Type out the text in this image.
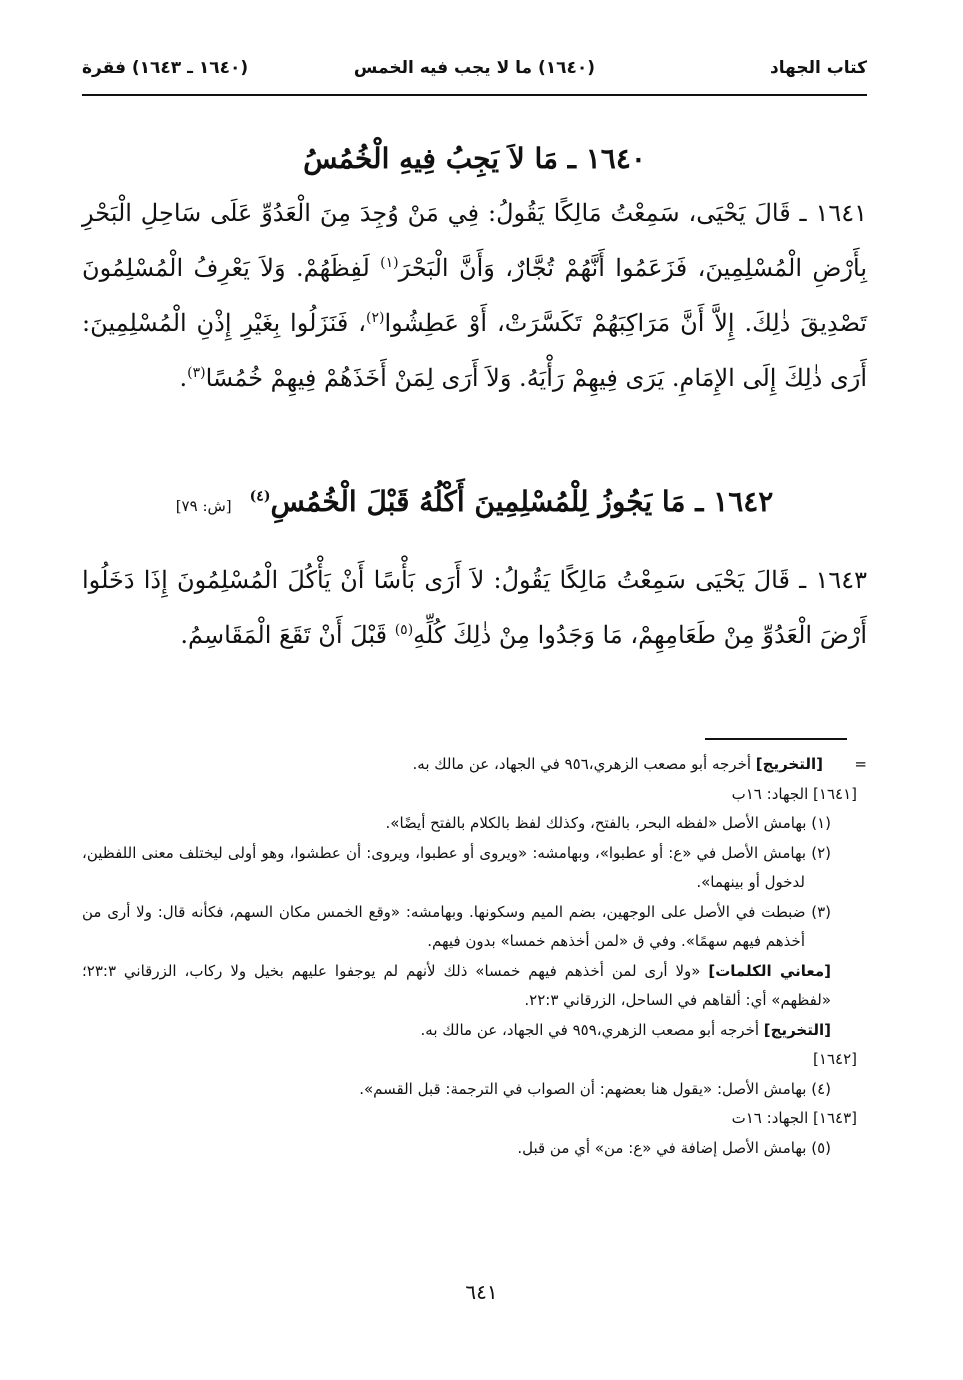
كتاب الجهاد
(١٦٤٠) ما لا يجب فيه الخمس
(١٦٤٠ ـ ١٦٤٣) فقرة
١٦٤٠ ـ مَا لاَ يَجِبُ فِيهِ الْخُمُسُ
١٦٤١ ـ قَالَ يَحْيَى، سَمِعْتُ مَالِكًا يَقُولُ: فِي مَنْ وُجِدَ مِنَ الْعَدُوِّ عَلَى سَاحِلِ الْبَحْرِ بِأَرْضِ الْمُسْلِمِينَ، فَزَعَمُوا أَنَّهُمْ تُجَّارٌ، وَأَنَّ الْبَحْرَ$^{(١)}$ لَفِظَهُمْ. وَلاَ يَعْرِفُ الْمُسْلِمُونَ تَصْدِيقَ ذٰلِكَ. إِلاَّ أَنَّ مَرَاكِبَهُمْ تَكَسَّرَتْ، أَوْ عَطِشُوا$^{(٢)}$، فَنَزَلُوا بِغَيْرِ إِذْنِ الْمُسْلِمِينَ: أَرَى ذٰلِكَ إِلَى الإِمَامِ. يَرَى فِيهِمْ رَأْيَهُ. وَلاَ أَرَى لِمَنْ أَخَذَهُمْ فِيهِمْ خُمُسًا$^{(٣)}$.
١٦٤٢ ـ مَا يَجُوزُ لِلْمُسْلِمِينَ أَكْلُهُ قَبْلَ الْخُمُسِ$^{(٤)}$[ش: ٧٩]
١٦٤٣ ـ قَالَ يَحْيَى سَمِعْتُ مَالِكًا يَقُولُ: لاَ أَرَى بَأْسًا أَنْ يَأْكُلَ الْمُسْلِمُونَ إِذَا دَخَلُوا أَرْضَ الْعَدُوِّ مِنْ طَعَامِهِمْ، مَا وَجَدُوا مِنْ ذٰلِكَ كُلِّهِ$^{(٥)}$ قَبْلَ أَنْ تَقَعَ الْمَقَاسِمُ.

=
[التخريج] أخرجه أبو مصعب الزهري،٩٥٦ في الجهاد، عن مالك به.

[١٦٤١] الجهاد: ١٦ب

(١) بهامش الأصل «لفظه البحر، بالفتح، وكذلك لفظ بالكلام بالفتح أيضًا».

(٢) بهامش الأصل في «ع: أو عطبوا»، وبهامشه: «ويروى أو عطبوا، ويروى: أن عطشوا، وهو أولى ليختلف معنى اللفظين، لدخول أو بينهما».

(٣) ضبطت في الأصل على الوجهين، بضم الميم وسكونها. وبهامشه: «وقع الخمس مكان السهم، فكأنه قال: ولا أرى من أخذهم فيهم سهمًا». وفي ق «لمن أخذهم خمسا» بدون فيهم.

[معاني الكلمات] «ولا أرى لمن أخذهم فيهم خمسا» ذلك لأنهم لم يوجفوا عليهم بخيل ولا ركاب، الزرقاني ٢٣:٣؛ «لفظهم» أي: ألقاهم في الساحل، الزرقاني ٢٢:٣.

[التخريج] أخرجه أبو مصعب الزهري،٩٥٩ في الجهاد، عن مالك به.

[١٦٤٢]

(٤) بهامش الأصل: «يقول هنا بعضهم: أن الصواب في الترجمة: قبل القسم».

[١٦٤٣] الجهاد: ١٦ت

(٥) بهامش الأصل إضافة في «ع: من» أي من قبل.

٦٤١
